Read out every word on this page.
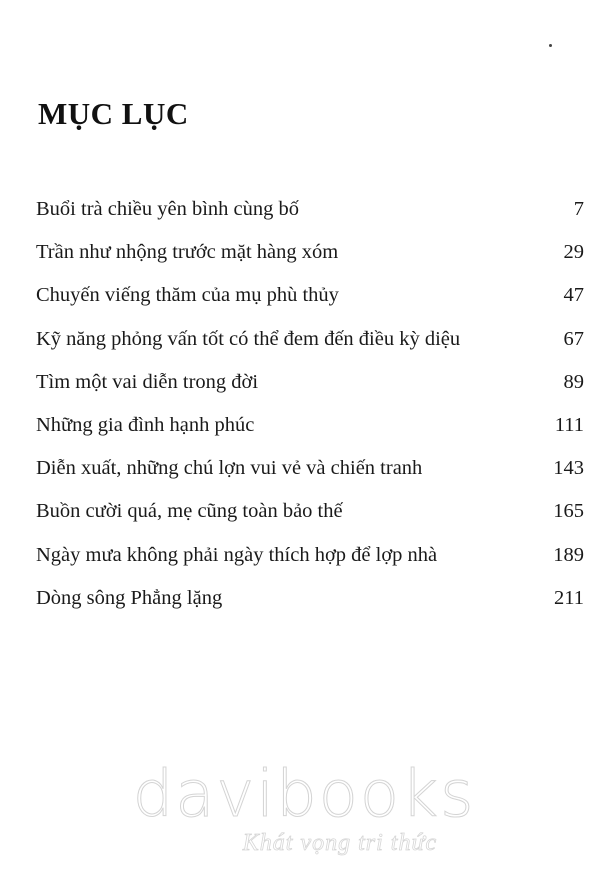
MỤC LỤC
Buổi trà chiều yên bình cùng bố	7
Trần như nhộng trước mặt hàng xóm	29
Chuyến viếng thăm của mụ phù thủy	47
Kỹ năng phỏng vấn tốt có thể đem đến điều kỳ diệu	67
Tìm một vai diễn trong đời	89
Những gia đình hạnh phúc	111
Diễn xuất, những chú lợn vui vẻ và chiến tranh	143
Buồn cười quá, mẹ cũng toàn bảo thế	165
Ngày mưa không phải ngày thích hợp để lợp nhà	189
Dòng sông Phẳng lặng	211
davibooks
Khát vọng tri thức
